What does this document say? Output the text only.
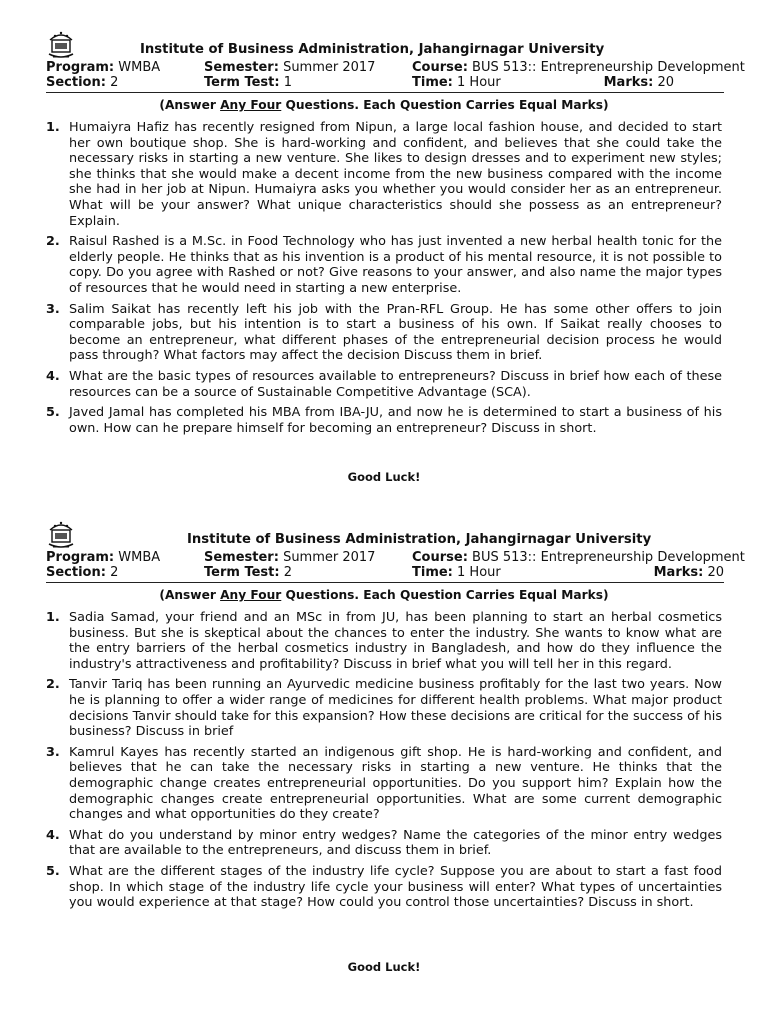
Institute of Business Administration, Jahangirnagar University
Program: WMBA	Semester: Summer 2017	Course: BUS 513:: Entrepreneurship Development
Section: 2	Term Test: 1	Time: 1 Hour	Marks: 20
(Answer Any Four Questions. Each Question Carries Equal Marks)
1. Humaiyra Hafiz has recently resigned from Nipun, a large local fashion house, and decided to start her own boutique shop. She is hard-working and confident, and believes that she could take the necessary risks in starting a new venture. She likes to design dresses and to experiment new styles; she thinks that she would make a decent income from the new business compared with the income she had in her job at Nipun. Humaiyra asks you whether you would consider her as an entrepreneur. What will be your answer? What unique characteristics should she possess as an entrepreneur? Explain.
2. Raisul Rashed is a M.Sc. in Food Technology who has just invented a new herbal health tonic for the elderly people. He thinks that as his invention is a product of his mental resource, it is not possible to copy. Do you agree with Rashed or not? Give reasons to your answer, and also name the major types of resources that he would need in starting a new enterprise.
3. Salim Saikat has recently left his job with the Pran-RFL Group. He has some other offers to join comparable jobs, but his intention is to start a business of his own. If Saikat really chooses to become an entrepreneur, what different phases of the entrepreneurial decision process he would pass through? What factors may affect the decision Discuss them in brief.
4. What are the basic types of resources available to entrepreneurs? Discuss in brief how each of these resources can be a source of Sustainable Competitive Advantage (SCA).
5. Javed Jamal has completed his MBA from IBA-JU, and now he is determined to start a business of his own. How can he prepare himself for becoming an entrepreneur? Discuss in short.
Good Luck!
Institute of Business Administration, Jahangirnagar University
Program: WMBA	Semester: Summer 2017	Course: BUS 513:: Entrepreneurship Development
Section: 2	Term Test: 2	Time: 1 Hour	Marks: 20
(Answer Any Four Questions. Each Question Carries Equal Marks)
1. Sadia Samad, your friend and an MSc in from JU, has been planning to start an herbal cosmetics business. But she is skeptical about the chances to enter the industry. She wants to know what are the entry barriers of the herbal cosmetics industry in Bangladesh, and how do they influence the industry's attractiveness and profitability? Discuss in brief what you will tell her in this regard.
2. Tanvir Tariq has been running an Ayurvedic medicine business profitably for the last two years. Now he is planning to offer a wider range of medicines for different health problems. What major product decisions Tanvir should take for this expansion? How these decisions are critical for the success of his business? Discuss in brief
3. Kamrul Kayes has recently started an indigenous gift shop. He is hard-working and confident, and believes that he can take the necessary risks in starting a new venture. He thinks that the demographic change creates entrepreneurial opportunities. Do you support him? Explain how the demographic changes create entrepreneurial opportunities. What are some current demographic changes and what opportunities do they create?
4. What do you understand by minor entry wedges? Name the categories of the minor entry wedges that are available to the entrepreneurs, and discuss them in brief.
5. What are the different stages of the industry life cycle? Suppose you are about to start a fast food shop. In which stage of the industry life cycle your business will enter? What types of uncertainties you would experience at that stage? How could you control those uncertainties? Discuss in short.
Good Luck!
